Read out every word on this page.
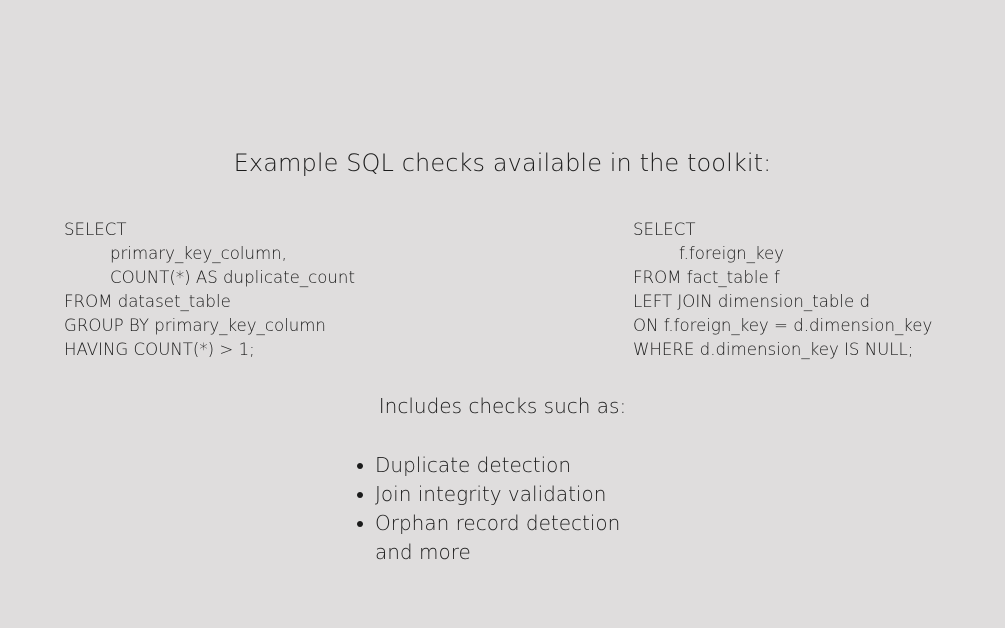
Example SQL checks available in the toolkit:
SELECT
primary_key_column,
COUNT(*) AS duplicate_count
FROM dataset_table
GROUP BY primary_key_column
HAVING COUNT(*) > 1;
SELECT
f.foreign_key
FROM fact_table f
LEFT JOIN dimension_table d
ON f.foreign_key = d.dimension_key
WHERE d.dimension_key IS NULL;
Includes checks such as:
Duplicate detection
Join integrity validation
Orphan record detection
and more
